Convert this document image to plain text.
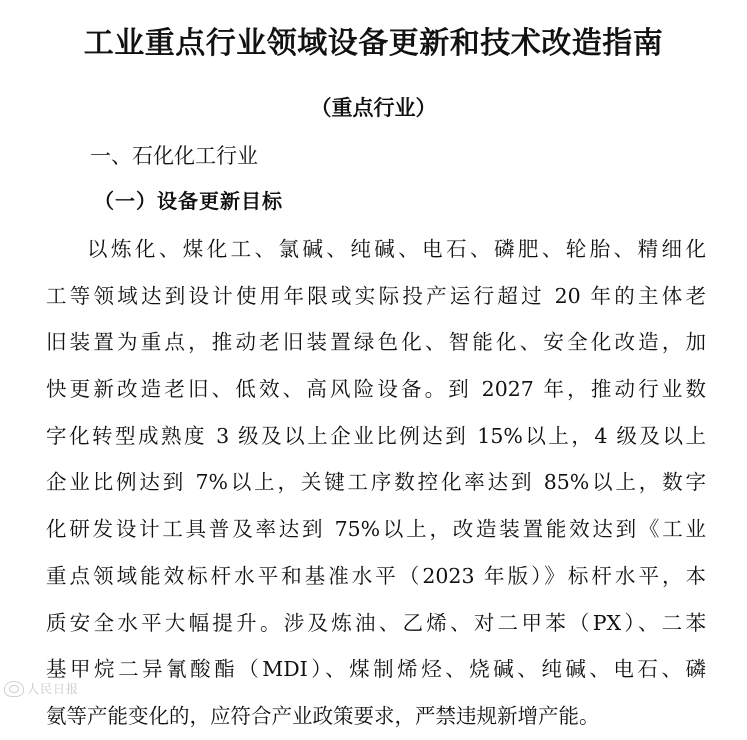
工业重点行业领域设备更新和技术改造指南
（重点行业）
一、石化化工行业
（一）设备更新目标
以炼化、煤化工、氯碱、纯碱、电石、磷肥、轮胎、精细化
工等领域达到设计使用年限或实际投产运行超过 20 年的主体老
旧装置为重点，推动老旧装置绿色化、智能化、安全化改造，加
快更新改造老旧、低效、高风险设备。到 2027 年，推动行业数
字化转型成熟度 3 级及以上企业比例达到 15%以上，4 级及以上
企业比例达到 7%以上，关键工序数控化率达到 85%以上，数字
化研发设计工具普及率达到 75%以上，改造装置能效达到《工业
重点领域能效标杆水平和基准水平（2023 年版）》标杆水平，本
质安全水平大幅提升。涉及炼油、乙烯、对二甲苯（PX）、二苯
基甲烷二异氰酸酯（MDI）、煤制烯烃、烧碱、纯碱、电石、磷
氨等产能变化的，应符合产业政策要求，严禁违规新增产能。
人民日报
